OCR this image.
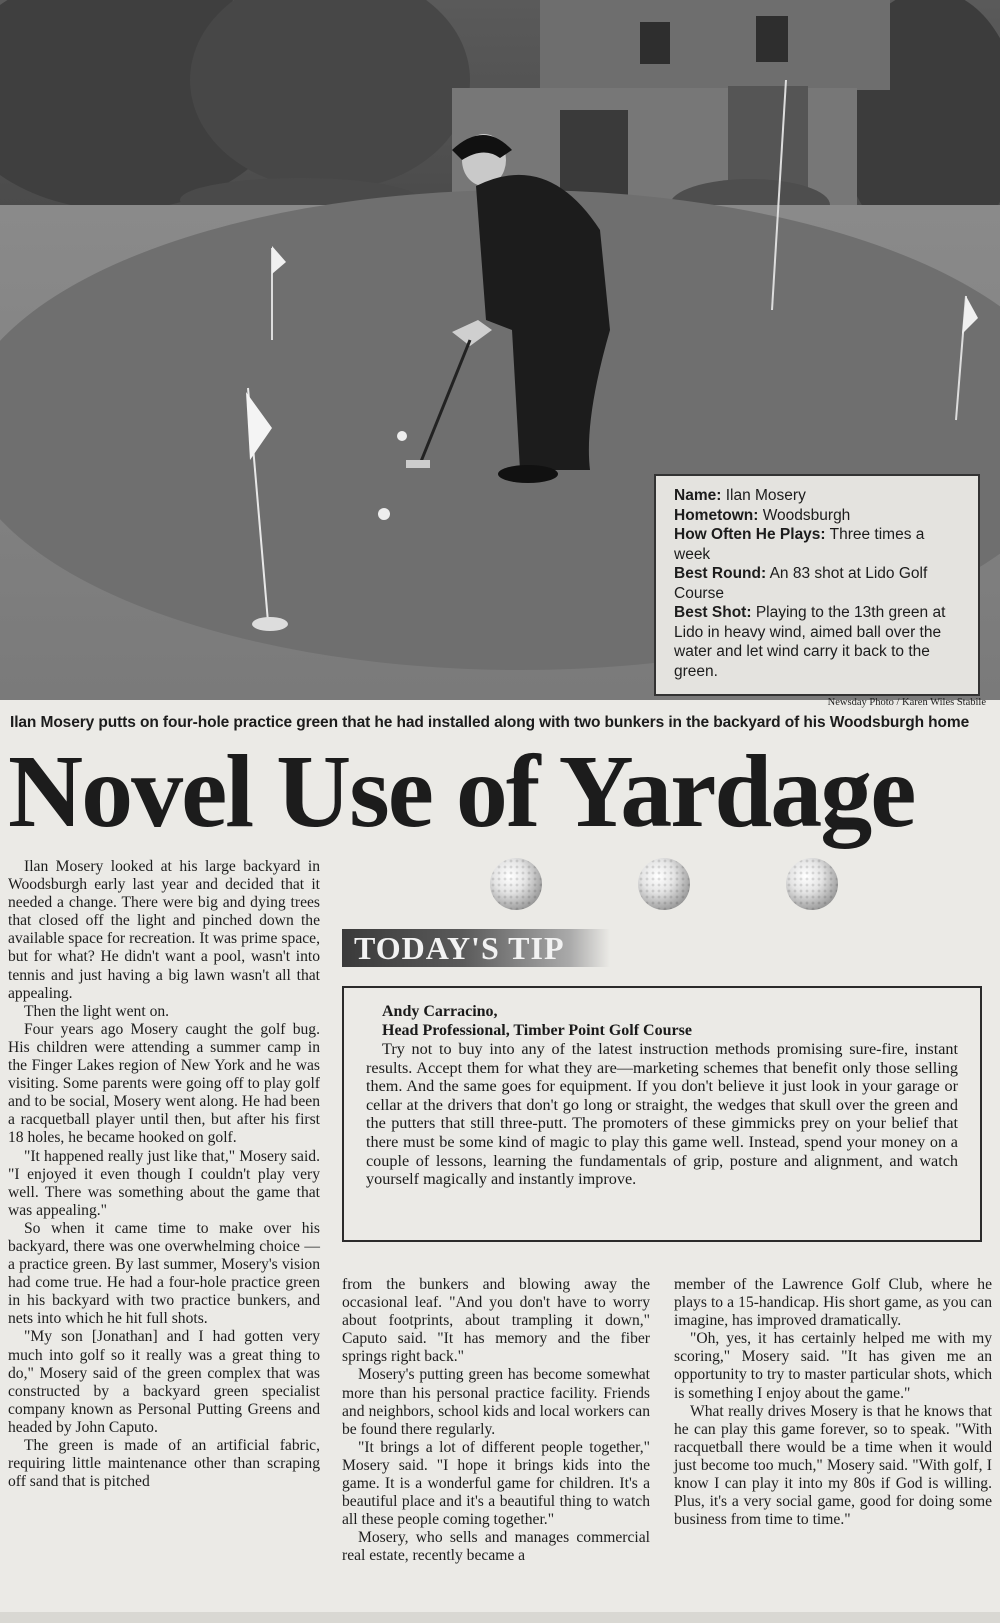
Name: Ilan Mosery

Hometown: Woodsburgh

How Often He Plays: Three times a week

Best Round: An 83 shot at Lido Golf Course

Best Shot: Playing to the 13th green at Lido in heavy wind, aimed ball over the water and let wind carry it back to the green.

Newsday Photo / Karen Wiles Stabile
Ilan Mosery putts on four-hole practice green that he had installed along with two bunkers in the backyard of his Woodsburgh home
Novel Use of Yardage

Ilan Mosery looked at his large backyard in Woodsburgh early last year and decided that it needed a change. There were big and dying trees that closed off the light and pinched down the available space for recreation. It was prime space, but for what? He didn't want a pool, wasn't into tennis and just having a big lawn wasn't all that appealing.

Then the light went on.

Four years ago Mosery caught the golf bug. His children were attending a summer camp in the Finger Lakes region of New York and he was visiting. Some parents were going off to play golf and to be social, Mosery went along. He had been a racquetball player until then, but after his first 18 holes, he became hooked on golf.

"It happened really just like that," Mosery said. "I enjoyed it even though I couldn't play very well. There was something about the game that was appealing."

So when it came time to make over his backyard, there was one overwhelming choice — a practice green. By last summer, Mosery's vision had come true. He had a four-hole practice green in his backyard with two practice bunkers, and nets into which he hit full shots.

"My son [Jonathan] and I had gotten very much into golf so it really was a great thing to do," Mosery said of the green complex that was constructed by a backyard green specialist company known as Personal Putting Greens and headed by John Caputo.

The green is made of an artificial fabric, requiring little maintenance other than scraping off sand that is pitched

TODAY'S TIP
Andy Carracino,
Head Professional, Timber Point Golf Course

Try not to buy into any of the latest instruction methods promising sure-fire, instant results. Accept them for what they are—marketing schemes that benefit only those selling them. And the same goes for equipment. If you don't believe it just look in your garage or cellar at the drivers that don't go long or straight, the wedges that skull over the green and the putters that still three-putt. The promoters of these gimmicks prey on your belief that there must be some kind of magic to play this game well. Instead, spend your money on a couple of lessons, learning the fundamentals of grip, posture and alignment, and watch yourself magically and instantly improve.

from the bunkers and blowing away the occasional leaf. "And you don't have to worry about footprints, about trampling it down," Caputo said. "It has memory and the fiber springs right back."

Mosery's putting green has become somewhat more than his personal practice facility. Friends and neighbors, school kids and local workers can be found there regularly.

"It brings a lot of different people together," Mosery said. "I hope it brings kids into the game. It is a wonderful game for children. It's a beautiful place and it's a beautiful thing to watch all these people coming together."

Mosery, who sells and manages commercial real estate, recently became a

member of the Lawrence Golf Club, where he plays to a 15-handicap. His short game, as you can imagine, has improved dramatically.

"Oh, yes, it has certainly helped me with my scoring," Mosery said. "It has given me an opportunity to try to master particular shots, which is something I enjoy about the game."

What really drives Mosery is that he knows that he can play this game forever, so to speak. "With racquetball there would be a time when it would just become too much," Mosery said. "With golf, I know I can play it into my 80s if God is willing. Plus, it's a very social game, good for doing some business from time to time."
